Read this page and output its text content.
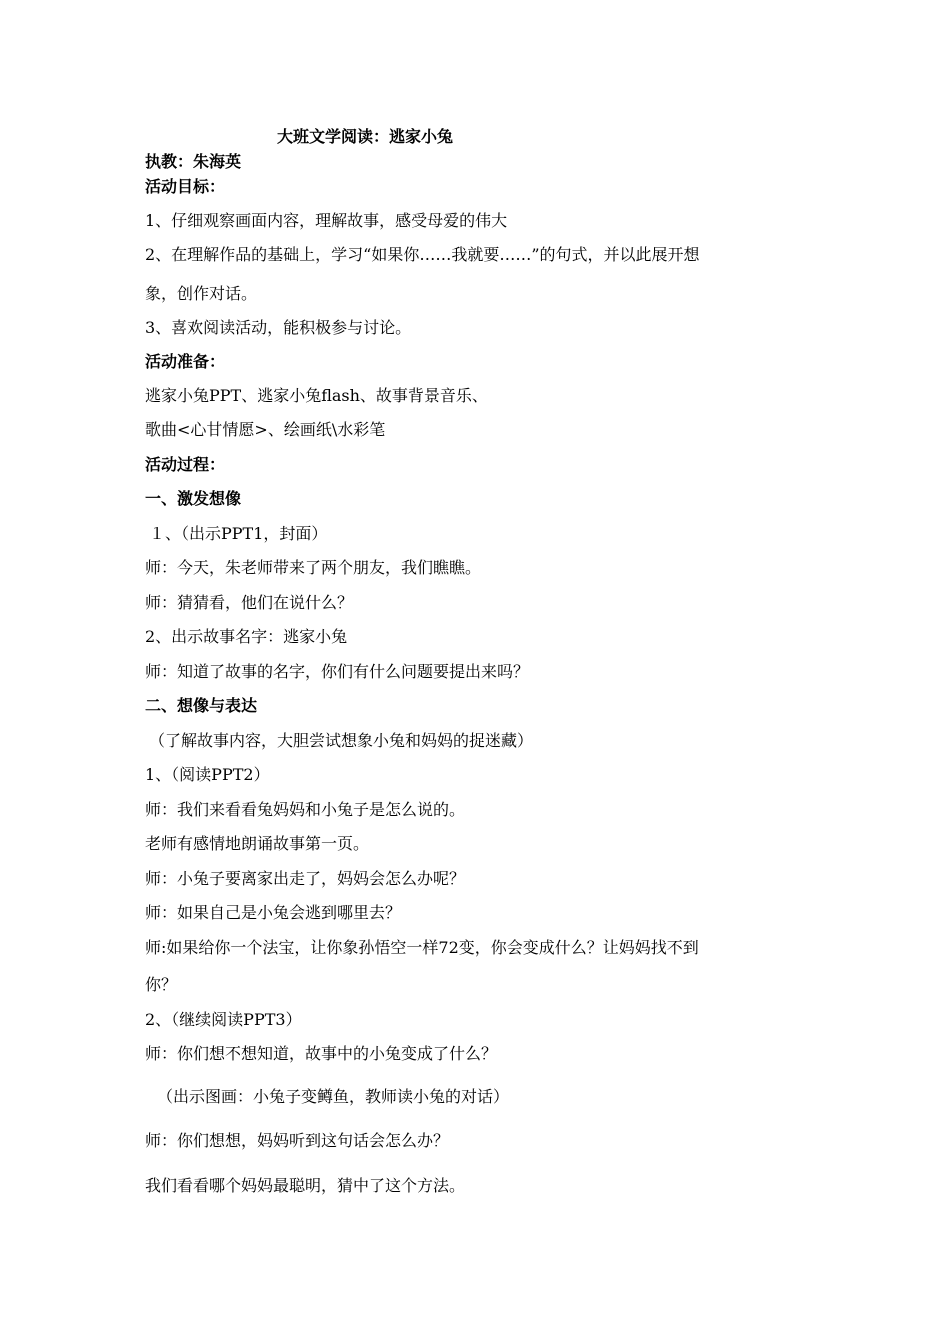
大班文学阅读：逃家小兔

执教：朱海英

活动目标：

1、仔细观察画面内容，理解故事，感受母爱的伟大

2、在理解作品的基础上，学习“如果你……我就要……”的句式，并以此展开想

象，创作对话。

3、喜欢阅读活动，能积极参与讨论。

活动准备：

逃家小兔PPT、逃家小兔flash、故事背景音乐、

歌曲<心甘情愿>、绘画纸\水彩笔

活动过程：

一、激发想像

１、（出示PPT1，封面）

师：今天，朱老师带来了两个朋友，我们瞧瞧。

师：猜猜看，他们在说什么？

2、出示故事名字：逃家小兔

师：知道了故事的名字，你们有什么问题要提出来吗？

二、想像与表达

（了解故事内容，大胆尝试想象小兔和妈妈的捉迷藏）

1、（阅读PPT2）

师：我们来看看兔妈妈和小兔子是怎么说的。

老师有感情地朗诵故事第一页。

师：小兔子要离家出走了，妈妈会怎么办呢？

师：如果自己是小兔会逃到哪里去？

师:如果给你一个法宝，让你象孙悟空一样72变，你会变成什么？让妈妈找不到

你？

2、（继续阅读PPT3）

师：你们想不想知道，故事中的小兔变成了什么？

（出示图画：小兔子变鳟鱼，教师读小兔的对话）

师：你们想想，妈妈听到这句话会怎么办？

我们看看哪个妈妈最聪明，猜中了这个方法。
